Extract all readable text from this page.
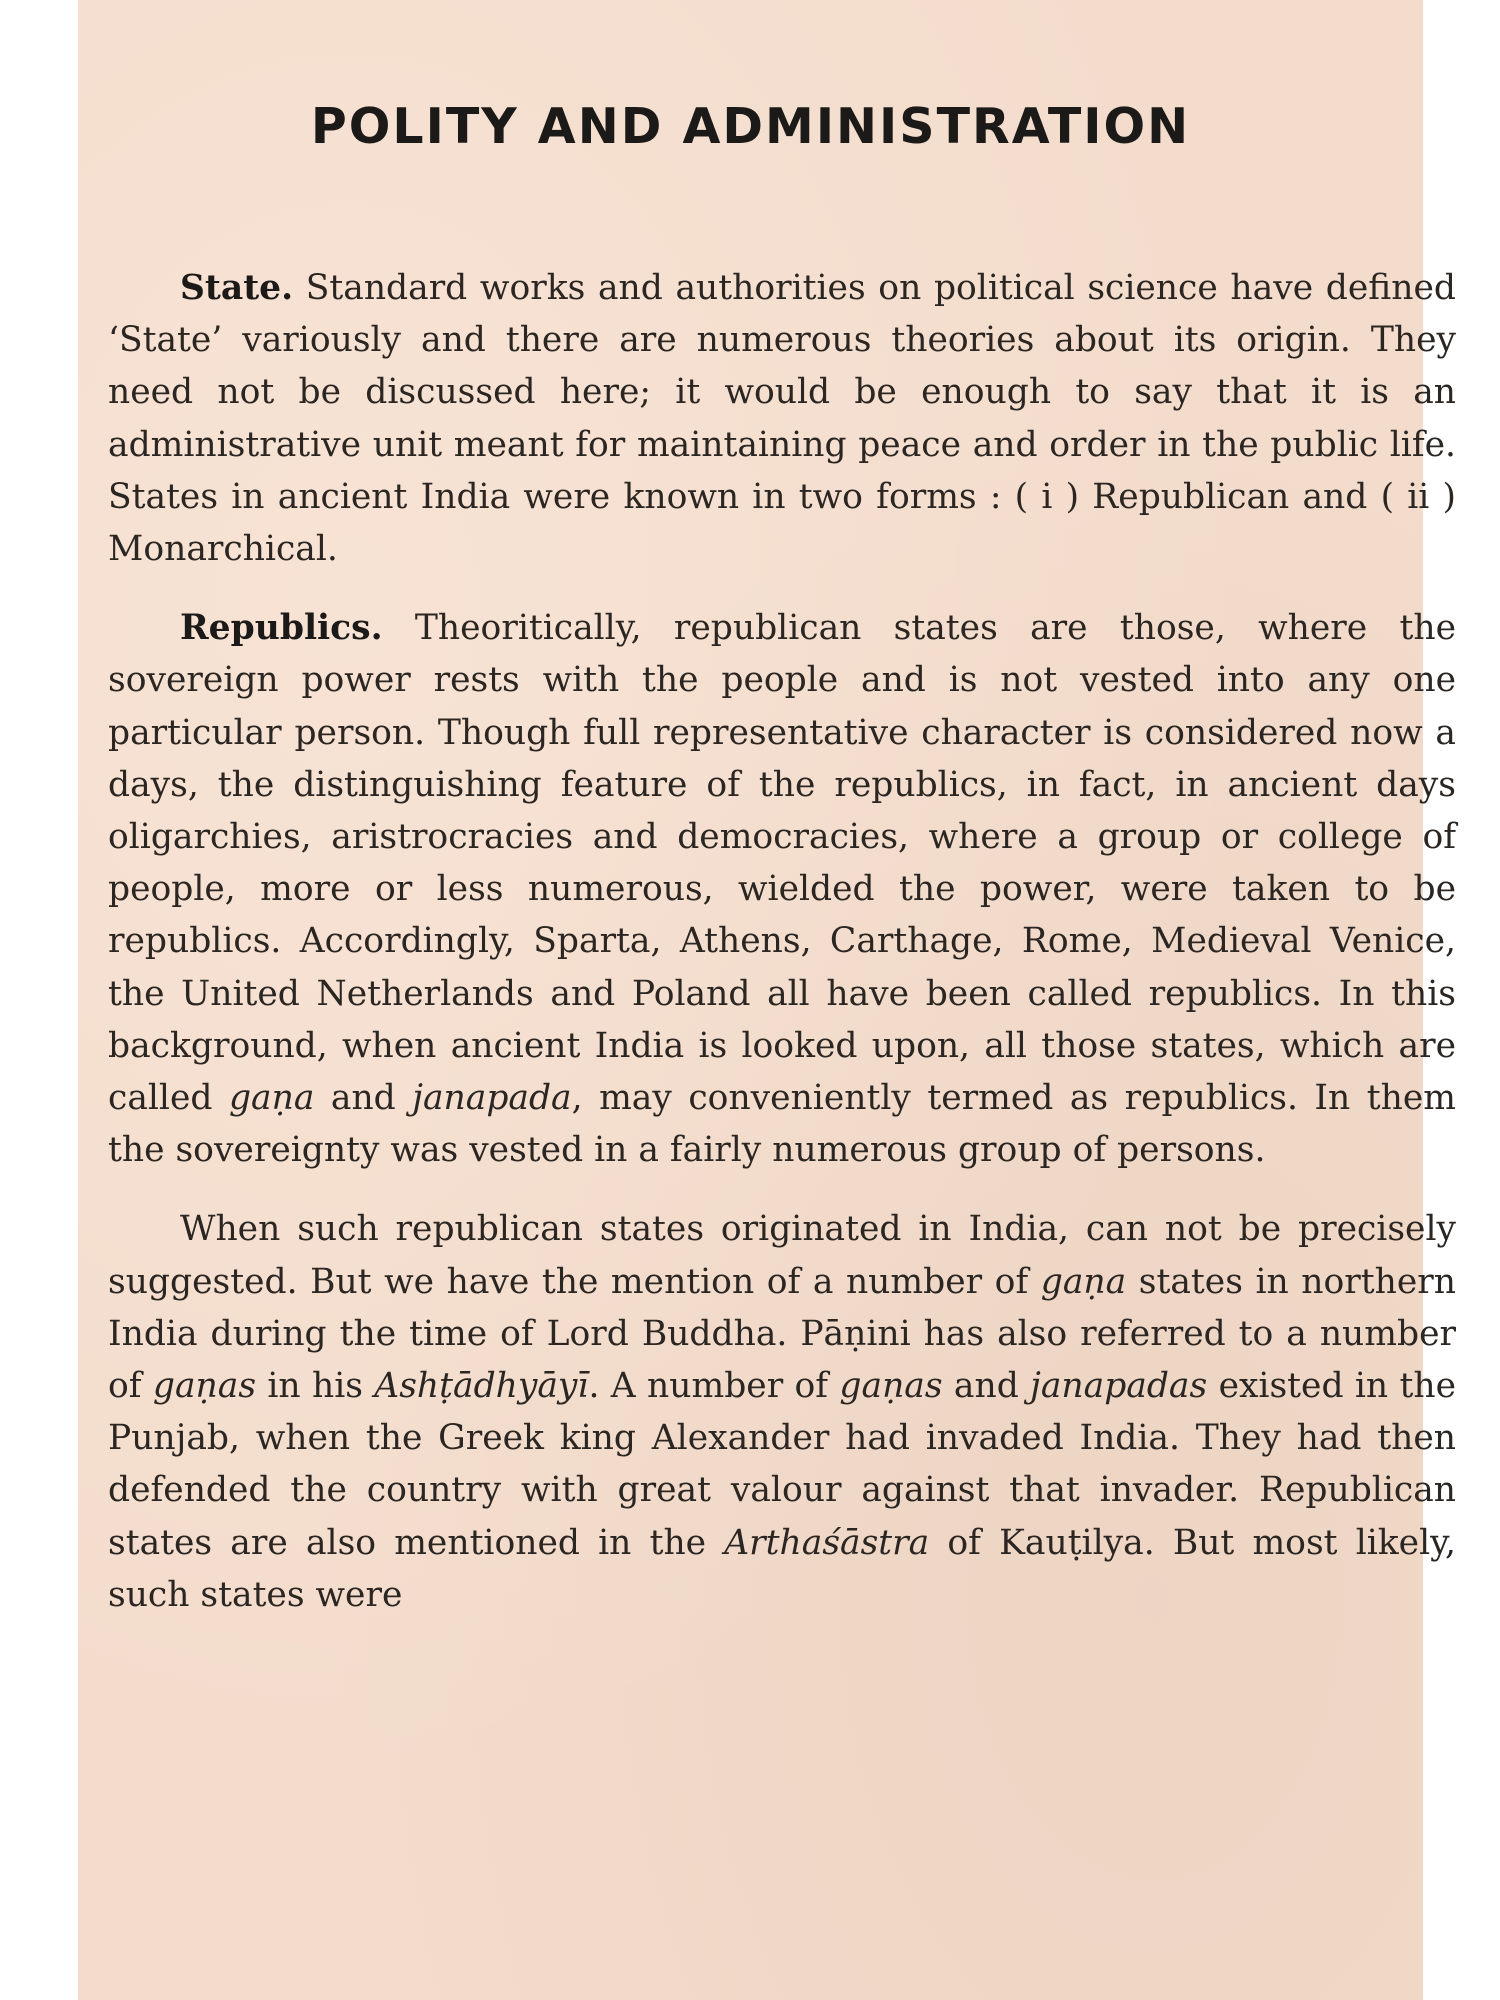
POLITY AND ADMINISTRATION

State. Standard works and authorities on political science have defined ‘State’ variously and there are numerous theories about its origin. They need not be discussed here; it would be enough to say that it is an administrative unit meant for maintaining peace and order in the public life. States in ancient India were known in two forms : ( i ) Republican and ( ii ) Monarchical.

Republics. Theoritically, republican states are those, where the sovereign power rests with the people and is not vested into any one particular person. Though full representative character is considered now a days, the distinguishing feature of the republics, in fact, in ancient days oligarchies, aristrocracies and democracies, where a group or college of people, more or less numerous, wielded the power, were taken to be republics. Accordingly, Sparta, Athens, Carthage, Rome, Medieval Venice, the United Netherlands and Poland all have been called republics. In this background, when ancient India is looked upon, all those states, which are called gaṇa and janapada, may conveniently termed as republics. In them the sovereignty was vested in a fairly numerous group of persons.

When such republican states originated in India, can not be precisely suggested. But we have the mention of a number of gaṇa states in northern India during the time of Lord Buddha. Pāṇini has also referred to a number of gaṇas in his Ashṭādhyāyī. A number of gaṇas and janapadas existed in the Punjab, when the Greek king Alexander had invaded India. They had then defended the country with great valour against that invader. Republican states are also mentioned in the Arthaśāstra of Kauṭilya. But most likely, such states were
